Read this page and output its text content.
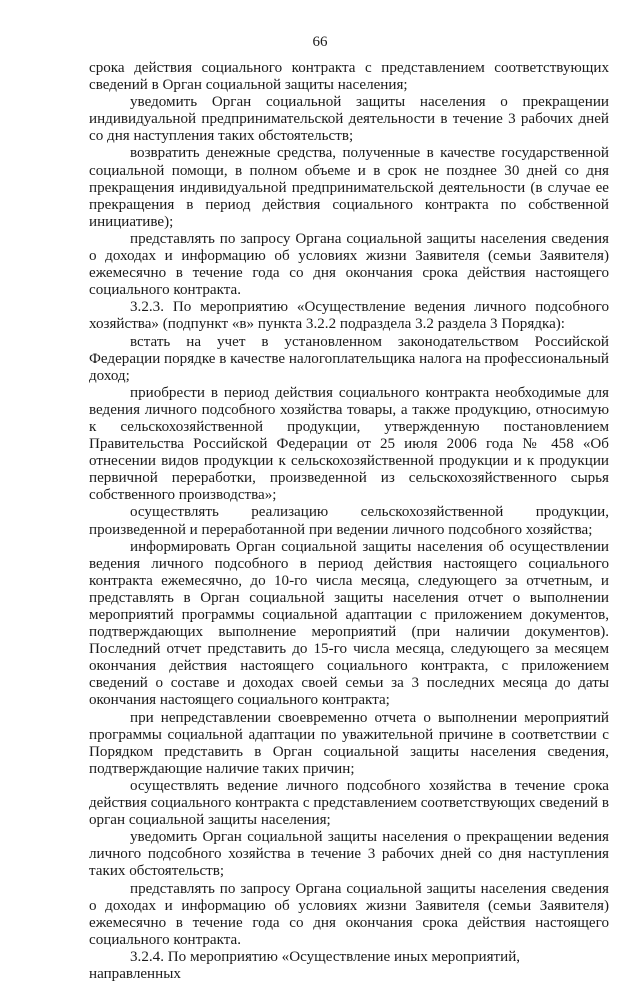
66

срока действия социального контракта с представлением соответствующих сведений в Орган социальной защиты населения;

уведомить Орган социальной защиты населения о прекращении индивидуальной предпринимательской деятельности в течение 3 рабочих дней со дня наступления таких обстоятельств;

возвратить денежные средства, полученные в качестве государственной социальной помощи, в полном объеме и в срок не позднее 30 дней со дня прекращения индивидуальной предпринимательской деятельности (в случае ее прекращения в период действия социального контракта по собственной инициативе);

представлять по запросу Органа социальной защиты населения сведения о доходах и информацию об условиях жизни Заявителя (семьи Заявителя) ежемесячно в течение года со дня окончания срока действия настоящего социального контракта.

3.2.3. По мероприятию «Осуществление ведения личного подсобного хозяйства» (подпункт «в» пункта 3.2.2 подраздела 3.2 раздела 3 Порядка):

встать на учет в установленном законодательством Российской Федерации порядке в качестве налогоплательщика налога на профессиональный доход;

приобрести в период действия социального контракта необходимые для ведения личного подсобного хозяйства товары, а также продукцию, относимую к сельскохозяйственной продукции, утвержденную постановлением Правительства Российской Федерации от 25 июля 2006 года № 458 «Об отнесении видов продукции к сельскохозяйственной продукции и к продукции первичной переработки, произведенной из сельскохозяйственного сырья собственного производства»;

осуществлять реализацию сельскохозяйственной продукции, произведенной и переработанной при ведении личного подсобного хозяйства;

информировать Орган социальной защиты населения об осуществлении ведения личного подсобного в период действия настоящего социального контракта ежемесячно, до 10-го числа месяца, следующего за отчетным, и представлять в Орган социальной защиты населения отчет о выполнении мероприятий программы социальной адаптации с приложением документов, подтверждающих выполнение мероприятий (при наличии документов). Последний отчет представить до 15-го числа месяца, следующего за месяцем окончания действия настоящего социального контракта, с приложением сведений о составе и доходах своей семьи за 3 последних месяца до даты окончания настоящего социального контракта;

при непредставлении своевременно отчета о выполнении мероприятий программы социальной адаптации по уважительной причине в соответствии с Порядком представить в Орган социальной защиты населения сведения, подтверждающие наличие таких причин;

осуществлять ведение личного подсобного хозяйства в течение срока действия социального контракта с представлением соответствующих сведений в орган социальной защиты населения;

уведомить Орган социальной защиты населения о прекращении ведения личного подсобного хозяйства в течение 3 рабочих дней со дня наступления таких обстоятельств;

представлять по запросу Органа социальной защиты населения сведения о доходах и информацию об условиях жизни Заявителя (семьи Заявителя) ежемесячно в течение года со дня окончания срока действия настоящего социального контракта.

3.2.4. По мероприятию «Осуществление иных мероприятий, направленных
